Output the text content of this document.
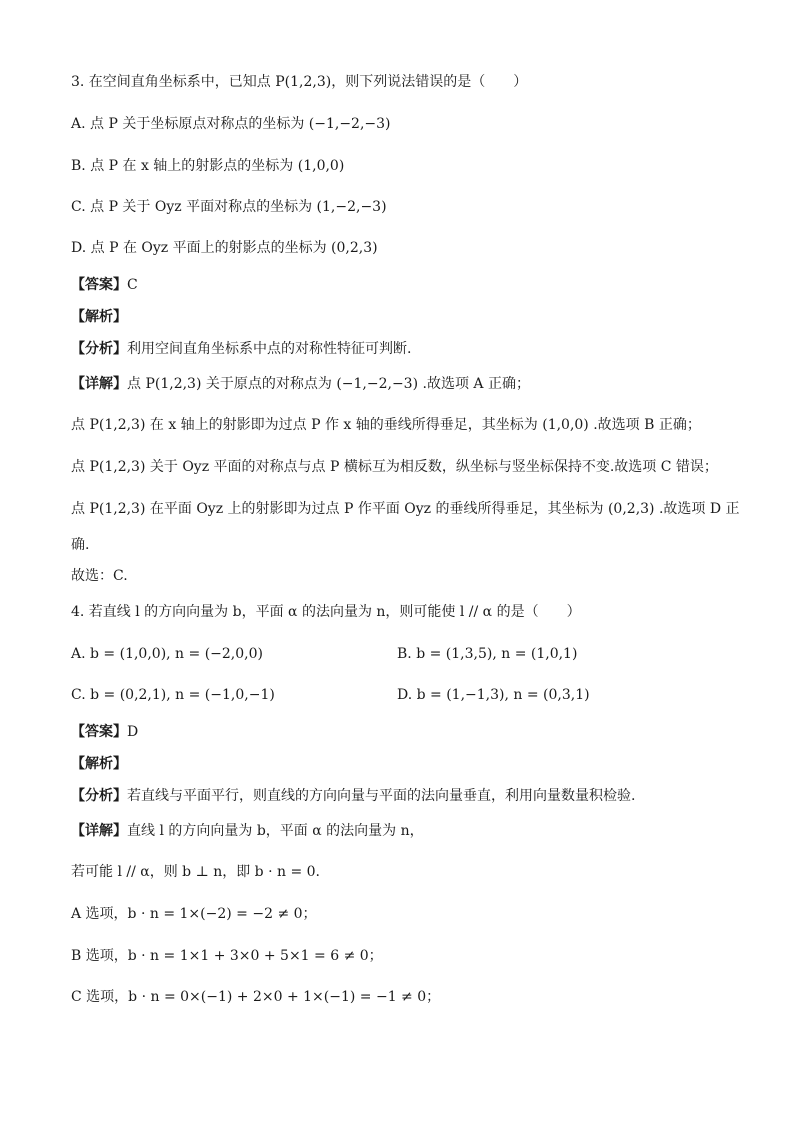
3. 在空间直角坐标系中，已知点 P(1,2,3)，则下列说法错误的是（　　）
A. 点 P 关于坐标原点对称点的坐标为 (−1,−2,−3)
B. 点 P 在 x 轴上的射影点的坐标为 (1,0,0)
C. 点 P 关于 Oyz 平面对称点的坐标为 (1,−2,−3)
D. 点 P 在 Oyz 平面上的射影点的坐标为 (0,2,3)
【答案】C
【解析】
【分析】利用空间直角坐标系中点的对称性特征可判断.
【详解】点 P(1,2,3) 关于原点的对称点为 (−1,−2,−3) .故选项 A 正确；
点 P(1,2,3) 在 x 轴上的射影即为过点 P 作 x 轴的垂线所得垂足，其坐标为 (1,0,0) .故选项 B 正确；
点 P(1,2,3) 关于 Oyz 平面的对称点与点 P 横标互为相反数，纵坐标与竖坐标保持不变.故选项 C 错误；
点 P(1,2,3) 在平面 Oyz 上的射影即为过点 P 作平面 Oyz 的垂线所得垂足，其坐标为 (0,2,3) .故选项 D 正
确.
故选：C.
4. 若直线 l 的方向向量为 b，平面 α 的法向量为 n，则可能使 l // α 的是（　　）
A. b = (1,0,0), n = (−2,0,0)	B. b = (1,3,5), n = (1,0,1)
C. b = (0,2,1), n = (−1,0,−1)	D. b = (1,−1,3), n = (0,3,1)
【答案】D
【解析】
【分析】若直线与平面平行，则直线的方向向量与平面的法向量垂直，利用向量数量积检验.
【详解】直线 l 的方向向量为 b，平面 α 的法向量为 n，
若可能 l // α，则 b ⊥ n，即 b · n = 0.
A 选项，b · n = 1×(−2) = −2 ≠ 0；
B 选项，b · n = 1×1 + 3×0 + 5×1 = 6 ≠ 0；
C 选项，b · n = 0×(−1) + 2×0 + 1×(−1) = −1 ≠ 0；
